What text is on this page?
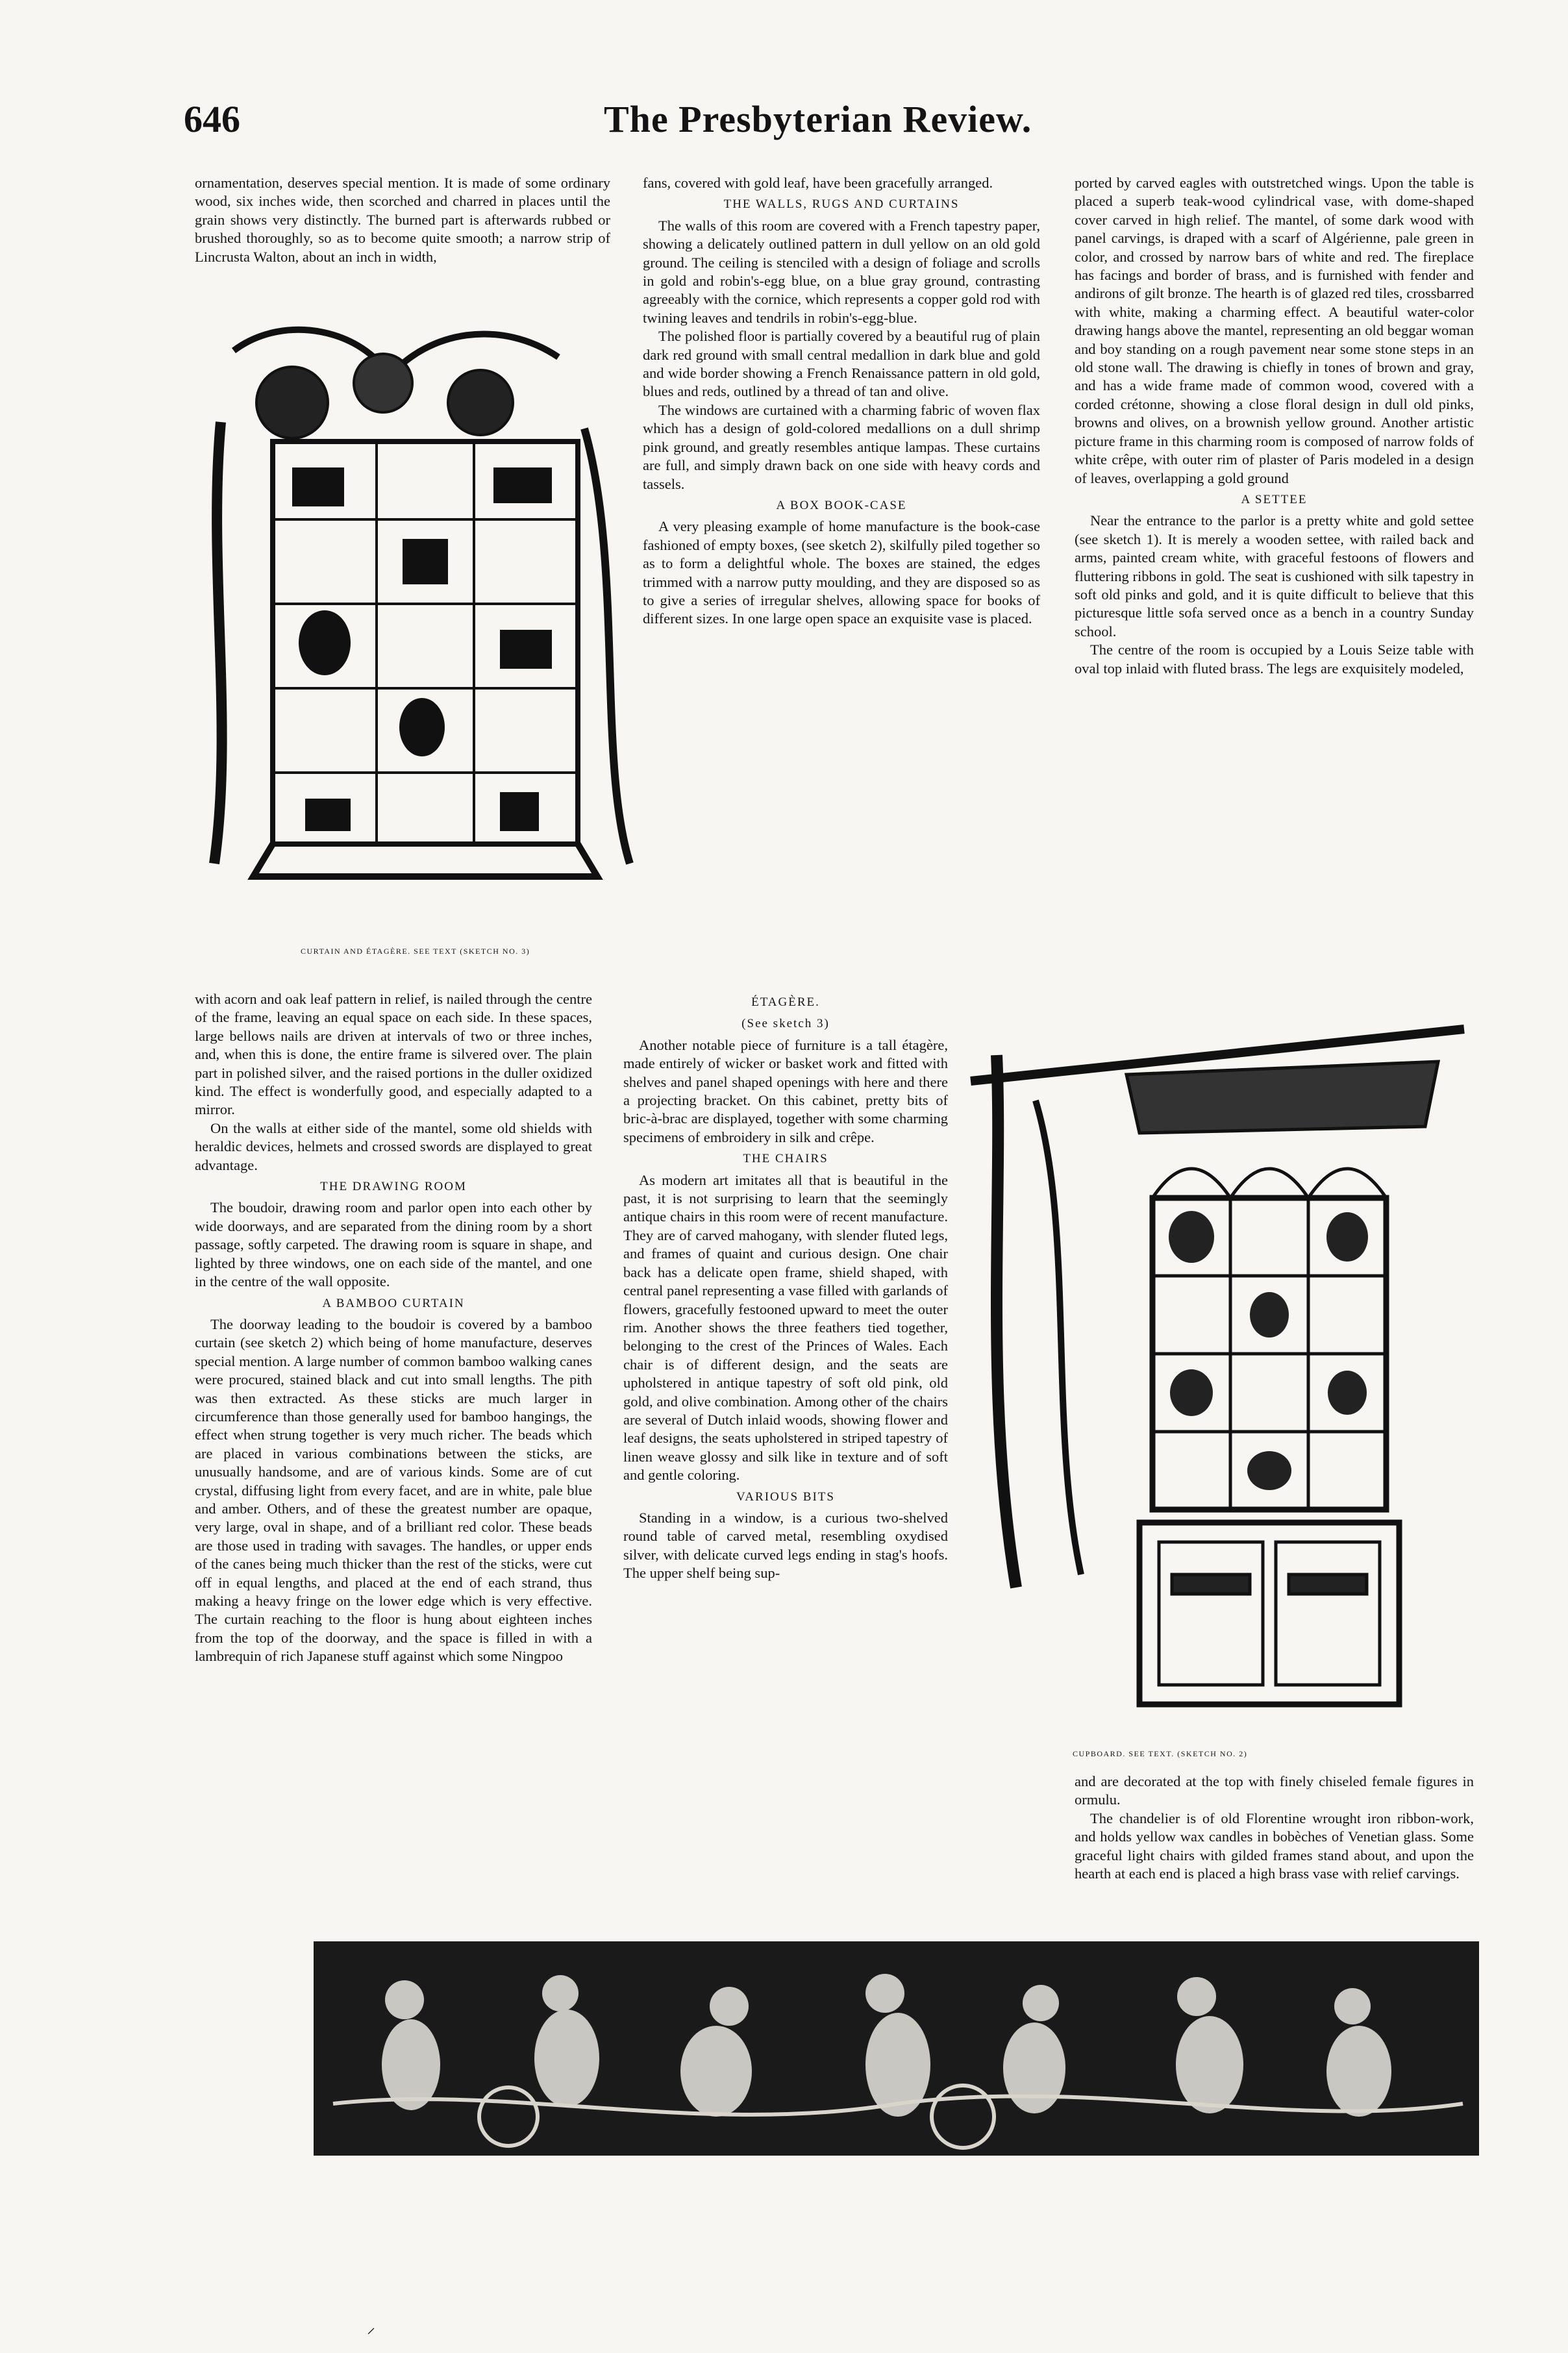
646	The Presbyterian Review.

ornamentation, deserves special mention. It is made of some ordinary wood, six inches wide, then scorched and charred in places until the grain shows very distinctly. The burned part is afterwards rubbed or brushed thoroughly, so as to become quite smooth; a narrow strip of Lincrusta Walton, about an inch in width,

CURTAIN AND ÉTAGÈRE. SEE TEXT (SKETCH NO. 3)

fans, covered with gold leaf, have been gracefully arranged.

THE WALLS, RUGS AND CURTAINS

The walls of this room are covered with a French tapestry paper, showing a delicately outlined pattern in dull yellow on an old gold ground. The ceiling is stenciled with a design of foliage and scrolls in gold and robin's-egg blue, on a blue gray ground, contrasting agreeably with the cornice, which represents a copper gold rod with twining leaves and tendrils in robin's-egg-blue.

The polished floor is partially covered by a beautiful rug of plain dark red ground with small central medallion in dark blue and gold and wide border showing a French Renaissance pattern in old gold, blues and reds, outlined by a thread of tan and olive.

The windows are curtained with a charming fabric of woven flax which has a design of gold-colored medallions on a dull shrimp pink ground, and greatly resembles antique lampas. These curtains are full, and simply drawn back on one side with heavy cords and tassels.

A BOX BOOK-CASE

A very pleasing example of home manufacture is the book-case fashioned of empty boxes, (see sketch 2), skilfully piled together so as to form a delightful whole. The boxes are stained, the edges trimmed with a narrow putty moulding, and they are disposed so as to give a series of irregular shelves, allowing space for books of different sizes. In one large open space an exquisite vase is placed.

ported by carved eagles with outstretched wings. Upon the table is placed a superb teak-wood cylindrical vase, with dome-shaped cover carved in high relief. The mantel, of some dark wood with panel carvings, is draped with a scarf of Algérienne, pale green in color, and crossed by narrow bars of white and red. The fireplace has facings and border of brass, and is furnished with fender and andirons of gilt bronze. The hearth is of glazed red tiles, crossbarred with white, making a charming effect. A beautiful water-color drawing hangs above the mantel, representing an old beggar woman and boy standing on a rough pavement near some stone steps in an old stone wall. The drawing is chiefly in tones of brown and gray, and has a wide frame made of common wood, covered with a corded crétonne, showing a close floral design in dull old pinks, browns and olives, on a brownish yellow ground. Another artistic picture frame in this charming room is composed of narrow folds of white crêpe, with outer rim of plaster of Paris modeled in a design of leaves, overlapping a gold ground

A SETTEE

Near the entrance to the parlor is a pretty white and gold settee (see sketch 1). It is merely a wooden settee, with railed back and arms, painted cream white, with graceful festoons of flowers and fluttering ribbons in gold. The seat is cushioned with silk tapestry in soft old pinks and gold, and it is quite difficult to believe that this picturesque little sofa served once as a bench in a country Sunday school.

The centre of the room is occupied by a Louis Seize table with oval top inlaid with fluted brass. The legs are exquisitely modeled,

with acorn and oak leaf pattern in relief, is nailed through the centre of the frame, leaving an equal space on each side. In these spaces, large bellows nails are driven at intervals of two or three inches, and, when this is done, the entire frame is silvered over. The plain part in polished silver, and the raised portions in the duller oxidized kind. The effect is wonderfully good, and especially adapted to a mirror.

On the walls at either side of the mantel, some old shields with heraldic devices, helmets and crossed swords are displayed to great advantage.

THE DRAWING ROOM

The boudoir, drawing room and parlor open into each other by wide doorways, and are separated from the dining room by a short passage, softly carpeted. The drawing room is square in shape, and lighted by three windows, one on each side of the mantel, and one in the centre of the wall opposite.

A BAMBOO CURTAIN

The doorway leading to the boudoir is covered by a bamboo curtain (see sketch 2) which being of home manufacture, deserves special mention. A large number of common bamboo walking canes were procured, stained black and cut into small lengths. The pith was then extracted. As these sticks are much larger in circumference than those generally used for bamboo hangings, the effect when strung together is very much richer. The beads which are placed in various combinations between the sticks, are unusually handsome, and are of various kinds. Some are of cut crystal, diffusing light from every facet, and are in white, pale blue and amber. Others, and of these the greatest number are opaque, very large, oval in shape, and of a brilliant red color. These beads are those used in trading with savages. The handles, or upper ends of the canes being much thicker than the rest of the sticks, were cut off in equal lengths, and placed at the end of each strand, thus making a heavy fringe on the lower edge which is very effective. The curtain reaching to the floor is hung about eighteen inches from the top of the doorway, and the space is filled in with a lambrequin of rich Japanese stuff against which some Ningpoo

ÉTAGÈRE.
(See sketch 3)

Another notable piece of furniture is a tall étagère, made entirely of wicker or basket work and fitted with shelves and panel shaped openings with here and there a projecting bracket. On this cabinet, pretty bits of bric-à-brac are displayed, together with some charming specimens of embroidery in silk and crêpe.

THE CHAIRS

As modern art imitates all that is beautiful in the past, it is not surprising to learn that the seemingly antique chairs in this room were of recent manufacture. They are of carved mahogany, with slender fluted legs, and frames of quaint and curious design. One chair back has a delicate open frame, shield shaped, with central panel representing a vase filled with garlands of flowers, gracefully festooned upward to meet the outer rim. Another shows the three feathers tied together, belonging to the crest of the Princes of Wales. Each chair is of different design, and the seats are upholstered in antique tapestry of soft old pink, old gold, and olive combination. Among other of the chairs are several of Dutch inlaid woods, showing flower and leaf designs, the seats upholstered in striped tapestry of linen weave glossy and silk like in texture and of soft and gentle coloring.

VARIOUS BITS

Standing in a window, is a curious two-shelved round table of carved metal, resembling oxydised silver, with delicate curved legs ending in stag's hoofs. The upper shelf being sup-

CUPBOARD. SEE TEXT. (SKETCH NO. 2)

and are decorated at the top with finely chiseled female figures in ormulu.

The chandelier is of old Florentine wrought iron ribbon-work, and holds yellow wax candles in bobèches of Venetian glass. Some graceful light chairs with gilded frames stand about, and upon the hearth at each end is placed a high brass vase with relief carvings.

⸝
